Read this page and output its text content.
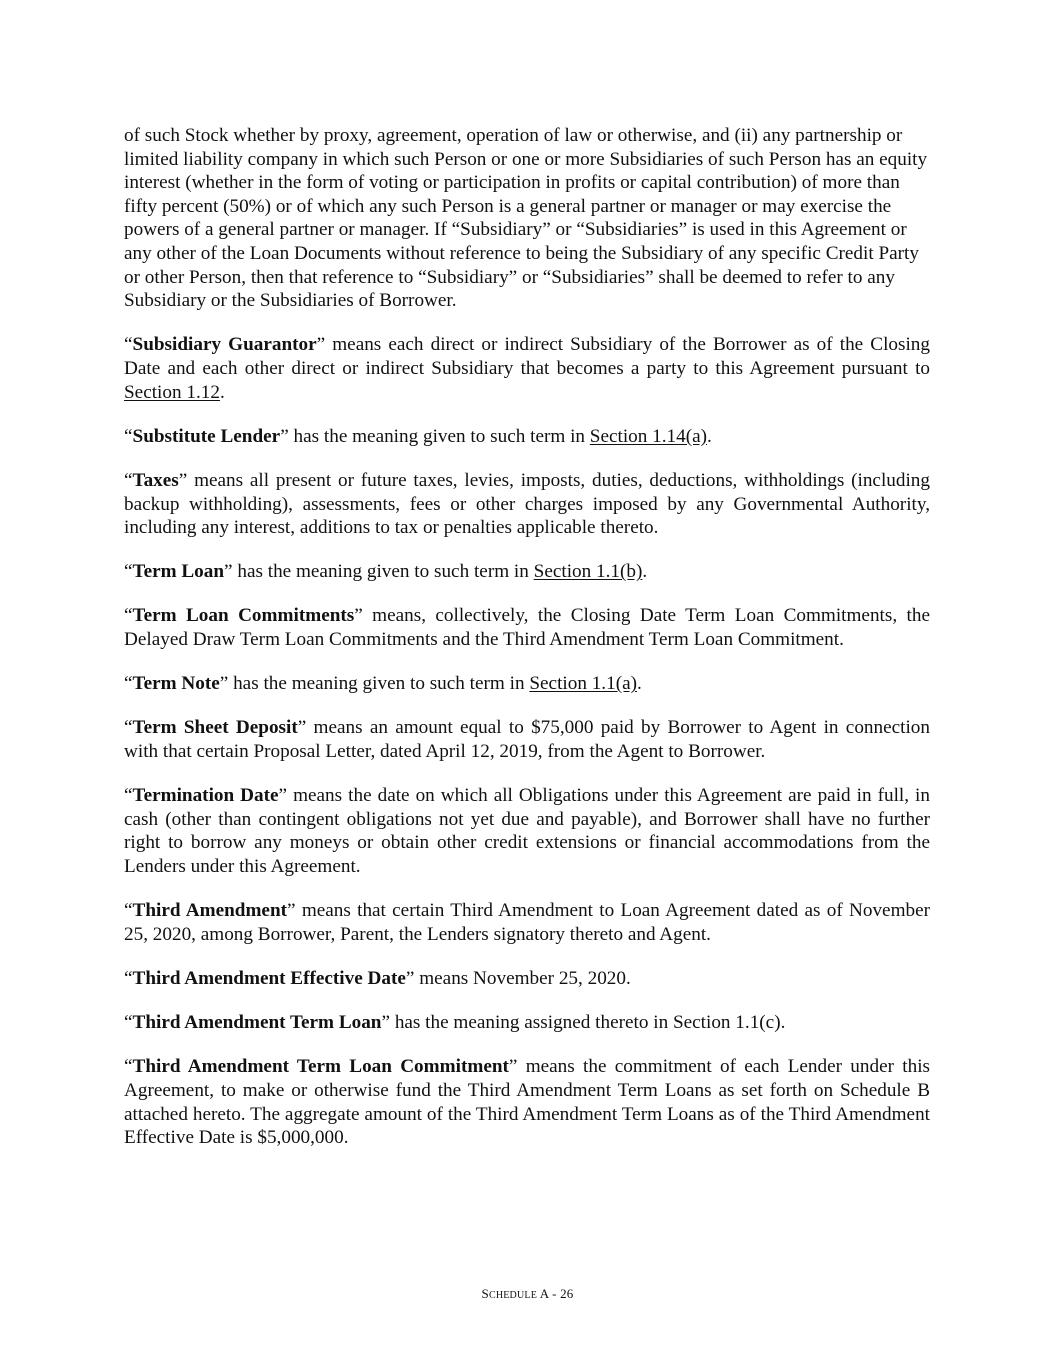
of such Stock whether by proxy, agreement, operation of law or otherwise, and (ii) any partnership or limited liability company in which such Person or one or more Subsidiaries of such Person has an equity interest (whether in the form of voting or participation in profits or capital contribution) of more than fifty percent (50%) or of which any such Person is a general partner or manager or may exercise the powers of a general partner or manager. If “Subsidiary” or “Subsidiaries” is used in this Agreement or any other of the Loan Documents without reference to being the Subsidiary of any specific Credit Party or other Person, then that reference to “Subsidiary” or “Subsidiaries” shall be deemed to refer to any Subsidiary or the Subsidiaries of Borrower.

“Subsidiary Guarantor” means each direct or indirect Subsidiary of the Borrower as of the Closing Date and each other direct or indirect Subsidiary that becomes a party to this Agreement pursuant to Section 1.12.

“Substitute Lender” has the meaning given to such term in Section 1.14(a).

“Taxes” means all present or future taxes, levies, imposts, duties, deductions, withholdings (including backup withholding), assessments, fees or other charges imposed by any Governmental Authority, including any interest, additions to tax or penalties applicable thereto.

“Term Loan” has the meaning given to such term in Section 1.1(b).

“Term Loan Commitments” means, collectively, the Closing Date Term Loan Commitments, the Delayed Draw Term Loan Commitments and the Third Amendment Term Loan Commitment.

“Term Note” has the meaning given to such term in Section 1.1(a).

“Term Sheet Deposit” means an amount equal to $75,000 paid by Borrower to Agent in connection with that certain Proposal Letter, dated April 12, 2019, from the Agent to Borrower.

“Termination Date” means the date on which all Obligations under this Agreement are paid in full, in cash (other than contingent obligations not yet due and payable), and Borrower shall have no further right to borrow any moneys or obtain other credit extensions or financial accommodations from the Lenders under this Agreement.

“Third Amendment” means that certain Third Amendment to Loan Agreement dated as of November 25, 2020, among Borrower, Parent, the Lenders signatory thereto and Agent.

“Third Amendment Effective Date” means November 25, 2020.

“Third Amendment Term Loan” has the meaning assigned thereto in Section 1.1(c).

“Third Amendment Term Loan Commitment” means the commitment of each Lender under this Agreement, to make or otherwise fund the Third Amendment Term Loans as set forth on Schedule B attached hereto. The aggregate amount of the Third Amendment Term Loans as of the Third Amendment Effective Date is $5,000,000.

SCHEDULE A - 26
